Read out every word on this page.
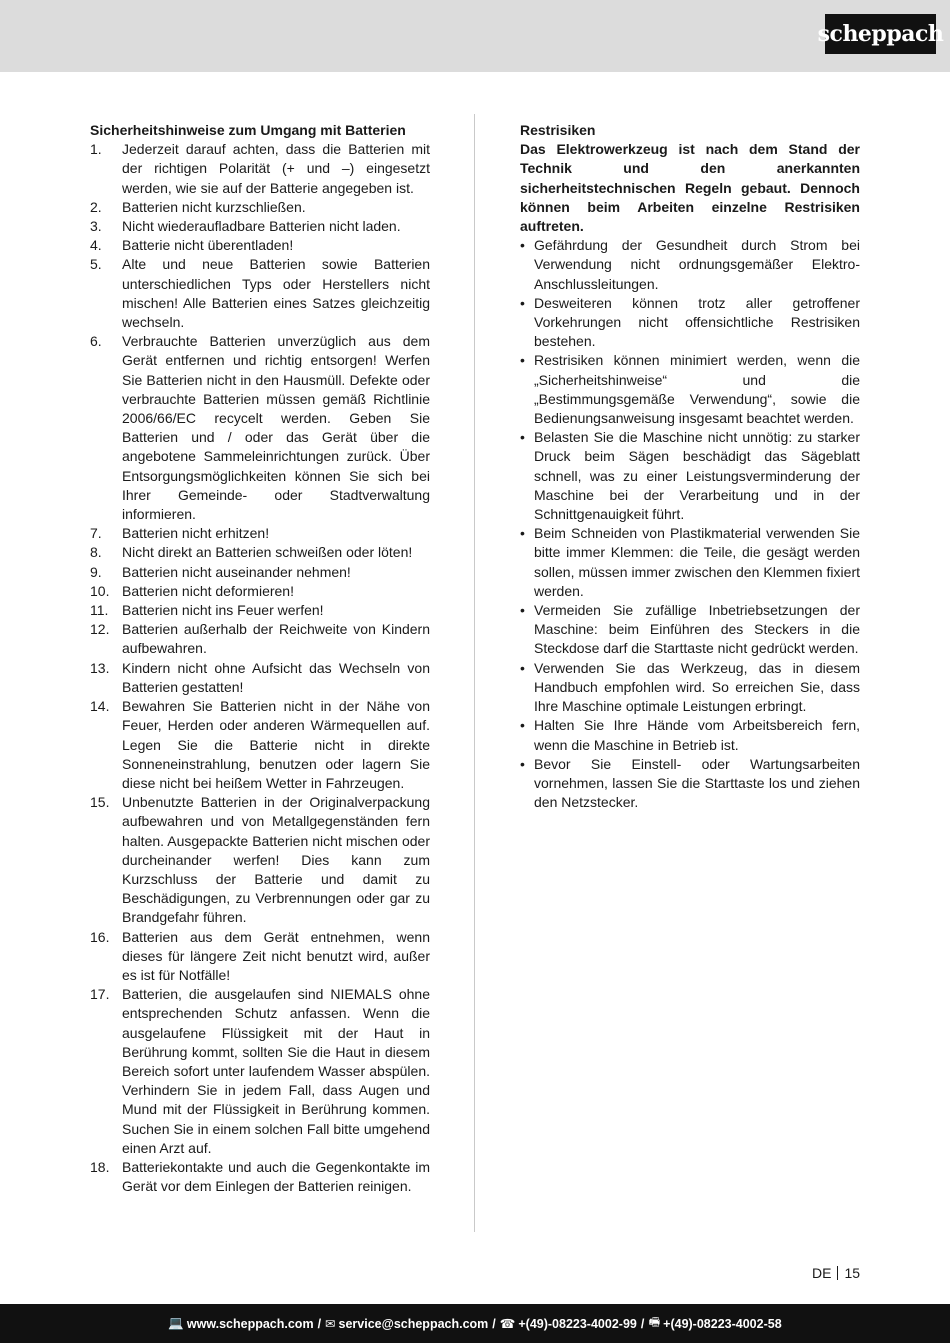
scheppach
Sicherheitshinweise zum Umgang mit Batterien
1. Jederzeit darauf achten, dass die Batterien mit der richtigen Polarität (+ und –) eingesetzt werden, wie sie auf der Batterie angegeben ist.
2. Batterien nicht kurzschließen.
3. Nicht wiederaufladbare Batterien nicht laden.
4. Batterie nicht überentladen!
5. Alte und neue Batterien sowie Batterien unterschiedlichen Typs oder Herstellers nicht mischen! Alle Batterien eines Satzes gleichzeitig wechseln.
6. Verbrauchte Batterien unverzüglich aus dem Gerät entfernen und richtig entsorgen! Werfen Sie Batterien nicht in den Hausmüll. Defekte oder verbrauchte Batterien müssen gemäß Richtlinie 2006/66/EC recycelt werden. Geben Sie Batterien und / oder das Gerät über die angebotene Sammeleinrichtungen zurück. Über Entsorgungsmöglichkeiten können Sie sich bei Ihrer Gemeinde- oder Stadtverwaltung informieren.
7. Batterien nicht erhitzen!
8. Nicht direkt an Batterien schweißen oder löten!
9. Batterien nicht auseinander nehmen!
10. Batterien nicht deformieren!
11. Batterien nicht ins Feuer werfen!
12. Batterien außerhalb der Reichweite von Kindern aufbewahren.
13. Kindern nicht ohne Aufsicht das Wechseln von Batterien gestatten!
14. Bewahren Sie Batterien nicht in der Nähe von Feuer, Herden oder anderen Wärmequellen auf. Legen Sie die Batterie nicht in direkte Sonneneinstrahlung, benutzen oder lagern Sie diese nicht bei heißem Wetter in Fahrzeugen.
15. Unbenutzte Batterien in der Originalverpackung aufbewahren und von Metallgegenständen fern halten. Ausgepackte Batterien nicht mischen oder durcheinander werfen! Dies kann zum Kurzschluss der Batterie und damit zu Beschädigungen, zu Verbrennungen oder gar zu Brandgefahr führen.
16. Batterien aus dem Gerät entnehmen, wenn dieses für längere Zeit nicht benutzt wird, außer es ist für Notfälle!
17. Batterien, die ausgelaufen sind NIEMALS ohne entsprechenden Schutz anfassen. Wenn die ausgelaufene Flüssigkeit mit der Haut in Berührung kommt, sollten Sie die Haut in diesem Bereich sofort unter laufendem Wasser abspülen. Verhindern Sie in jedem Fall, dass Augen und Mund mit der Flüssigkeit in Berührung kommen. Suchen Sie in einem solchen Fall bitte umgehend einen Arzt auf.
18. Batteriekontakte und auch die Gegenkontakte im Gerät vor dem Einlegen der Batterien reinigen.
Restrisiken
Das Elektrowerkzeug ist nach dem Stand der Technik und den anerkannten sicherheitstechnischen Regeln gebaut. Dennoch können beim Arbeiten einzelne Restrisiken auftreten.
• Gefährdung der Gesundheit durch Strom bei Verwendung nicht ordnungsgemäßer Elektro-Anschlussleitungen.
• Desweiteren können trotz aller getroffener Vorkehrungen nicht offensichtliche Restrisiken bestehen.
• Restrisiken können minimiert werden, wenn die „Sicherheitshinweise“ und die „Bestimmungsgemäße Verwendung“, sowie die Bedienungsanweisung insgesamt beachtet werden.
• Belasten Sie die Maschine nicht unnötig: zu starker Druck beim Sägen beschädigt das Sägeblatt schnell, was zu einer Leistungsverminderung der Maschine bei der Verarbeitung und in der Schnittgenauigkeit führt.
• Beim Schneiden von Plastikmaterial verwenden Sie bitte immer Klemmen: die Teile, die gesägt werden sollen, müssen immer zwischen den Klemmen fixiert werden.
• Vermeiden Sie zufällige Inbetriebsetzungen der Maschine: beim Einführen des Steckers in die Steckdose darf die Starttaste nicht gedrückt werden.
• Verwenden Sie das Werkzeug, das in diesem Handbuch empfohlen wird. So erreichen Sie, dass Ihre Maschine optimale Leistungen erbringt.
• Halten Sie Ihre Hände vom Arbeitsbereich fern, wenn die Maschine in Betrieb ist.
• Bevor Sie Einstell- oder Wartungsarbeiten vornehmen, lassen Sie die Starttaste los und ziehen den Netzstecker.
DE 15
💻 www.scheppach.com / ✉ service@scheppach.com / ☎ +(49)-08223-4002-99 / 🖷 +(49)-08223-4002-58
